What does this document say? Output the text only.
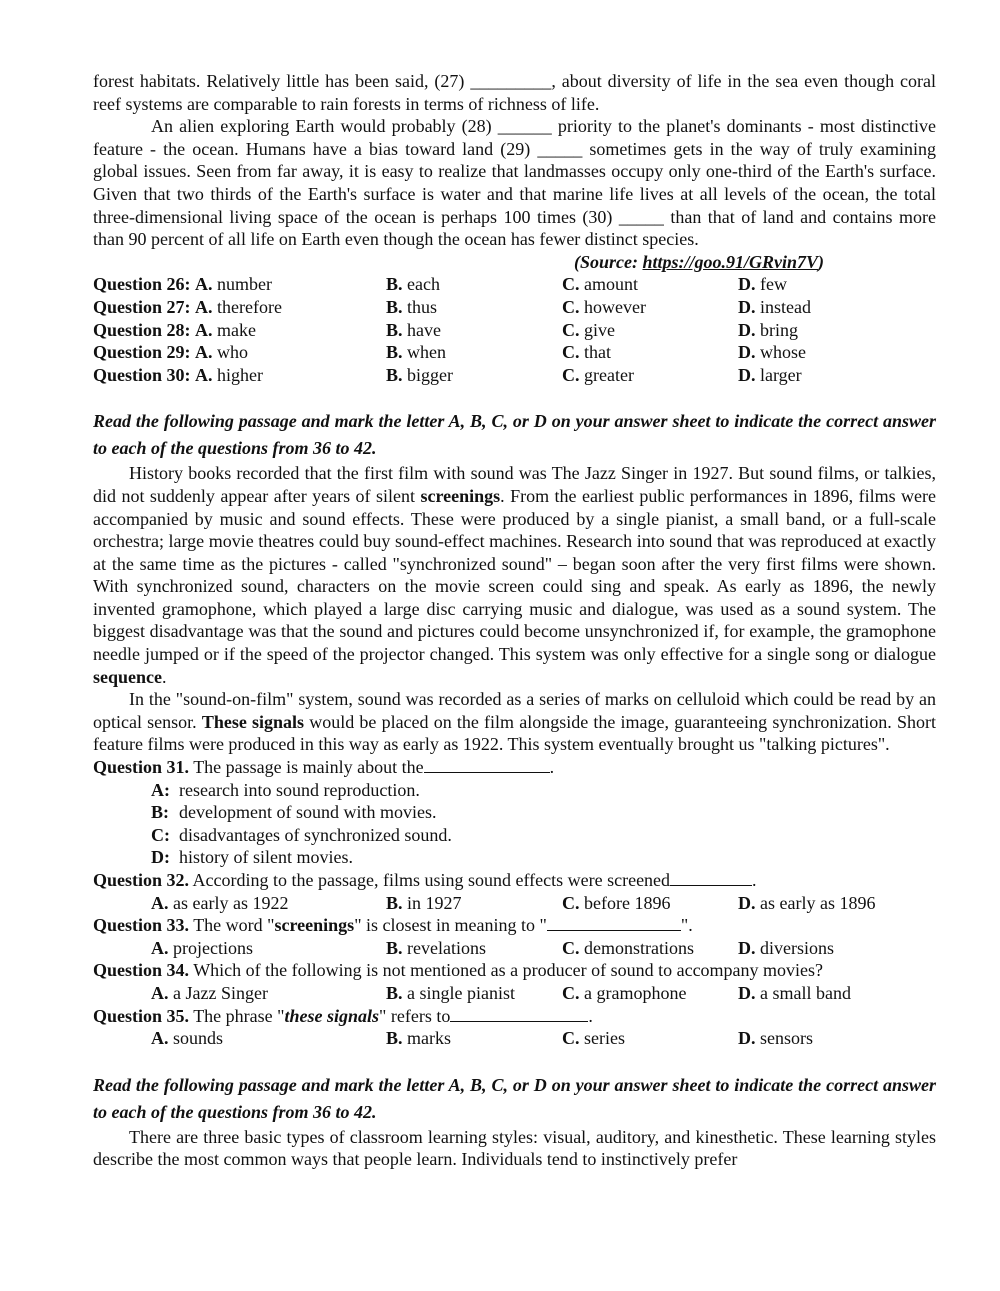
forest habitats. Relatively little has been said, (27) _________, about diversity of life in the sea even though coral reef systems are comparable to rain forests in terms of richness of life.

An alien exploring Earth would probably (28) ______ priority to the planet's dominants - most distinctive feature - the ocean. Humans have a bias toward land (29) _____ sometimes gets in the way of truly examining global issues. Seen from far away, it is easy to realize that landmasses occupy only one-third of the Earth's surface. Given that two thirds of the Earth's surface is water and that marine life lives at all levels of the ocean, the total three-dimensional living space of the ocean is perhaps 100 times (30) _____ than that of land and contains more than 90 percent of all life on Earth even though the ocean has fewer distinct species.

(Source: https://goo.91/GRvin7V)
Question 26: A. number	B. each	C. amount	D. few
Question 27: A. therefore	B. thus	C. however	D. instead
Question 28: A. make	B. have	C. give	D. bring
Question 29: A. who	B. when	C. that	D. whose
Question 30: A. higher	B. bigger	C. greater	D. larger

Read the following passage and mark the letter A, B, C, or D on your answer sheet to indicate the correct answer to each of the questions from 36 to 42.

History books recorded that the first film with sound was The Jazz Singer in 1927. But sound films, or talkies, did not suddenly appear after years of silent screenings. From the earliest public performances in 1896, films were accompanied by music and sound effects. These were produced by a single pianist, a small band, or a full-scale orchestra; large movie theatres could buy sound-effect machines. Research into sound that was reproduced at exactly at the same time as the pictures - called "synchronized sound" – began soon after the very first films were shown. With synchronized sound, characters on the movie screen could sing and speak. As early as 1896, the newly invented gramophone, which played a large disc carrying music and dialogue, was used as a sound system. The biggest disadvantage was that the sound and pictures could become unsynchronized if, for example, the gramophone needle jumped or if the speed of the projector changed. This system was only effective for a single song or dialogue sequence.

In the "sound-on-film" system, sound was recorded as a series of marks on celluloid which could be read by an optical sensor. These signals would be placed on the film alongside the image, guaranteeing synchronization. Short feature films were produced in this way as early as 1922. This system eventually brought us "talking pictures".

Question 31. The passage is mainly about the	.
A: research into sound reproduction.
B: development of sound with movies.
C: disadvantages of synchronized sound.
D: history of silent movies.
Question 32. According to the passage, films using sound effects were screened	.
A. as early as 1922	B. in 1927	C. before 1896	D. as early as 1896
Question 33. The word "screenings" is closest in meaning to "	".
A. projections	B. revelations	C. demonstrations	D. diversions
Question 34. Which of the following is not mentioned as a producer of sound to accompany movies?
A. a Jazz Singer	B. a single pianist	C. a gramophone	D. a small band
Question 35. The phrase "these signals" refers to	.
A. sounds	B. marks	C. series	D. sensors

Read the following passage and mark the letter A, B, C, or D on your answer sheet to indicate the correct answer to each of the questions from 36 to 42.

There are three basic types of classroom learning styles: visual, auditory, and kinesthetic. These learning styles describe the most common ways that people learn. Individuals tend to instinctively prefer
